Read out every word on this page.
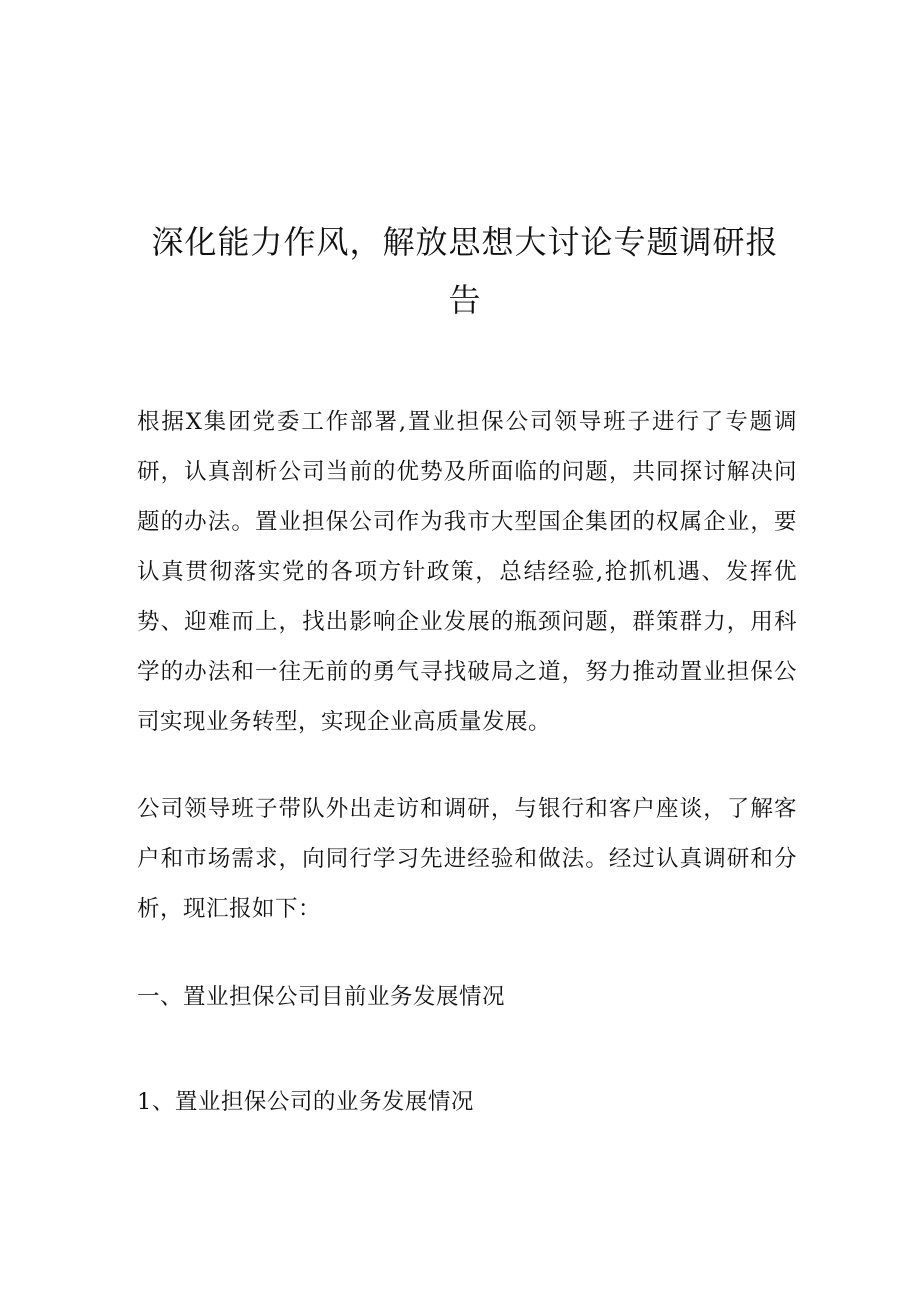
深化能力作风，解放思想大讨论专题调研报告

根据X集团党委工作部署,置业担保公司领导班子进行了专题调研，认真剖析公司当前的优势及所面临的问题，共同探讨解决问题的办法。置业担保公司作为我市大型国企集团的权属企业，要认真贯彻落实党的各项方针政策，总结经验,抢抓机遇、发挥优势、迎难而上，找出影响企业发展的瓶颈问题，群策群力，用科学的办法和一往无前的勇气寻找破局之道，努力推动置业担保公司实现业务转型，实现企业高质量发展。

公司领导班子带队外出走访和调研，与银行和客户座谈，了解客户和市场需求，向同行学习先进经验和做法。经过认真调研和分析，现汇报如下：

一、置业担保公司目前业务发展情况

1、置业担保公司的业务发展情况
